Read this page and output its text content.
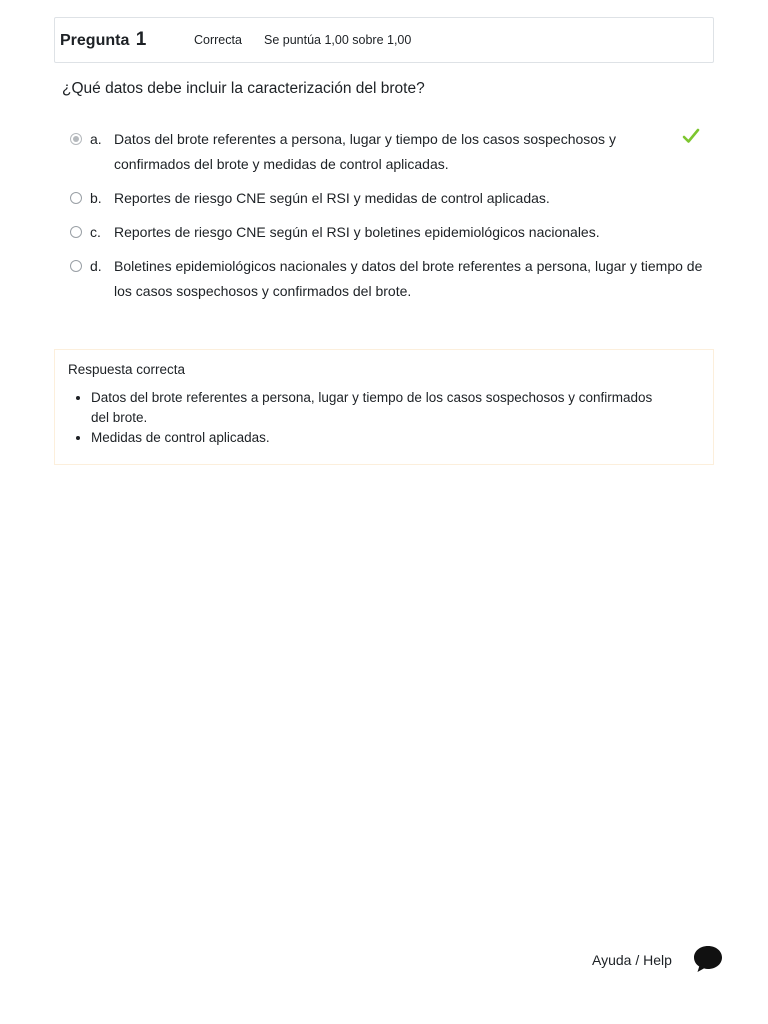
Pregunta 1	Correcta	Se puntúa 1,00 sobre 1,00
¿Qué datos debe incluir la caracterización del brote?
a. Datos del brote referentes a persona, lugar y tiempo de los casos sospechosos y confirmados del brote y medidas de control aplicadas.
b. Reportes de riesgo CNE según el RSI y medidas de control aplicadas.
c. Reportes de riesgo CNE según el RSI y boletines epidemiológicos nacionales.
d. Boletines epidemiológicos nacionales y datos del brote referentes a persona, lugar y tiempo de los casos sospechosos y confirmados del brote.
Respuesta correcta
• Datos del brote referentes a persona, lugar y tiempo de los casos sospechosos y confirmados del brote.
• Medidas de control aplicadas.
Ayuda / Help
